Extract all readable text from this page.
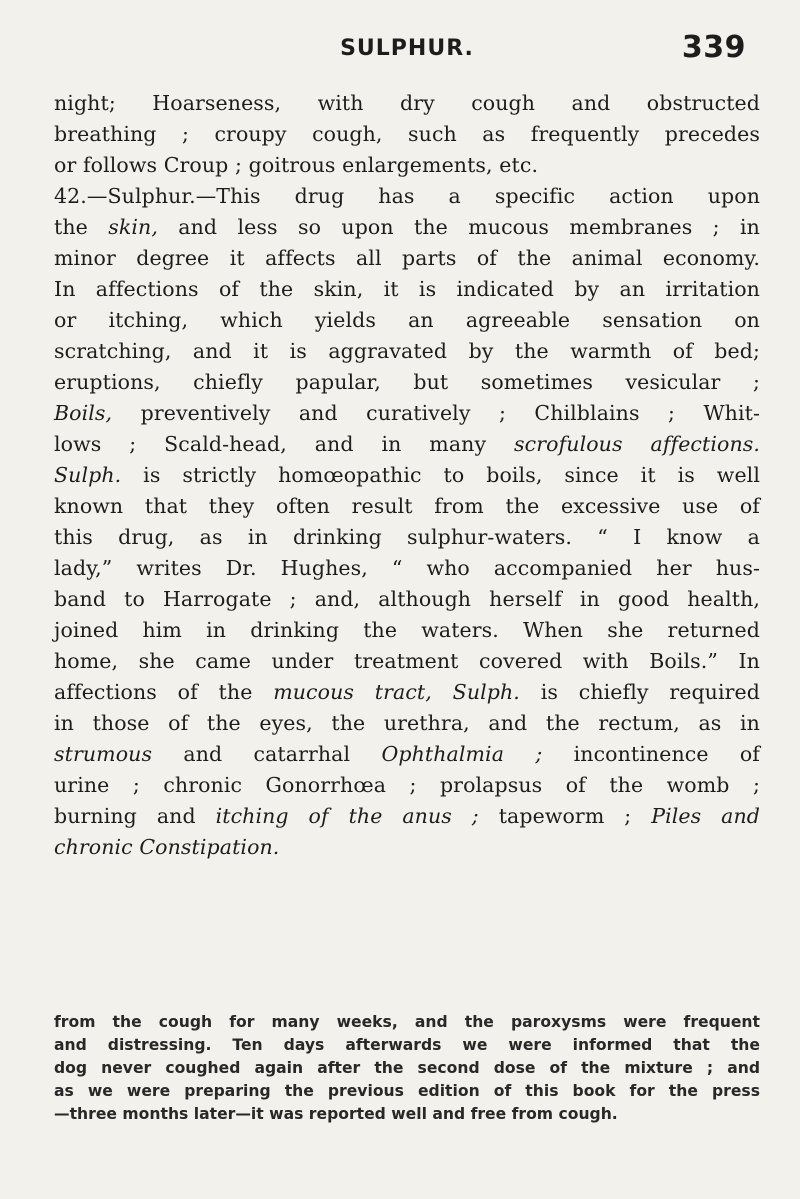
SULPHUR.	339
night; Hoarseness, with dry cough and obstructed
breathing ; croupy cough, such as frequently precedes
or follows Croup ; goitrous enlargements, etc.
42.—Sulphur.—This drug has a specific action upon
the skin, and less so upon the mucous membranes ; in
minor degree it affects all parts of the animal economy.
In affections of the skin, it is indicated by an irritation
or itching, which yields an agreeable sensation on
scratching, and it is aggravated by the warmth of bed;
eruptions, chiefly papular, but sometimes vesicular ;
Boils, preventively and curatively ; Chilblains ; Whit-
lows ; Scald-head, and in many scrofulous affections.
Sulph. is strictly homœopathic to boils, since it is well
known that they often result from the excessive use of
this drug, as in drinking sulphur-waters. “ I know a
lady,” writes Dr. Hughes, “ who accompanied her hus-
band to Harrogate ; and, although herself in good health,
joined him in drinking the waters. When she returned
home, she came under treatment covered with Boils.” In
affections of the mucous tract, Sulph. is chiefly required
in those of the eyes, the urethra, and the rectum, as in
strumous and catarrhal Ophthalmia ; incontinence of
urine ; chronic Gonorrhœa ; prolapsus of the womb ;
burning and itching of the anus ; tapeworm ; Piles and
chronic Constipation.
from the cough for many weeks, and the paroxysms were frequent
and distressing. Ten days afterwards we were informed that the
dog never coughed again after the second dose of the mixture ; and
as we were preparing the previous edition of this book for the press
—three months later—it was reported well and free from cough.
